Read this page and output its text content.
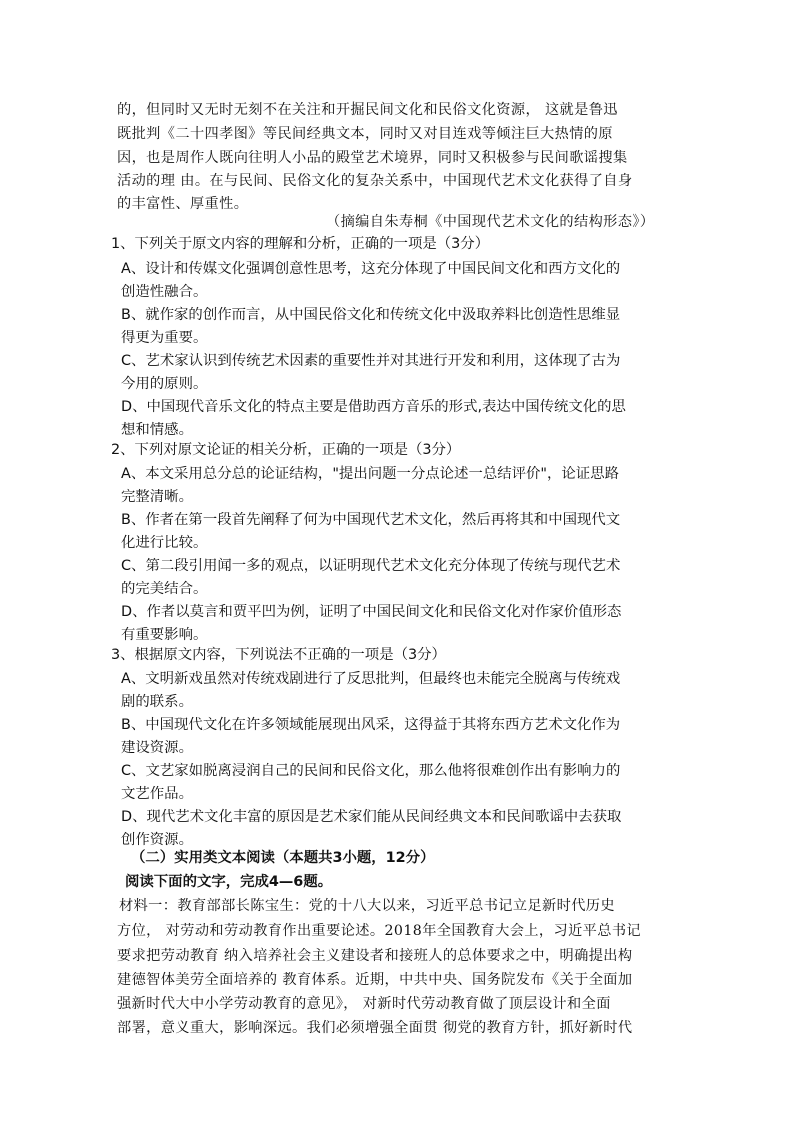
的，但同时又无时无刻不在关注和开掘民间文化和民俗文化资源， 这就是鲁迅
既批判《二十四孝图》等民间经典文本，同时又对目连戏等倾注巨大热情的原
因，也是周作人既向往明人小品的殿堂艺术境界，同时又积极参与民间歌谣搜集
活动的理 由。在与民间、民俗文化的复杂关系中，中国现代艺术文化获得了自身
的丰富性、厚重性。
（摘编自朱寿桐《中国现代艺术文化的结构形态》）
1、下列关于原文内容的理解和分析，正确的一项是（3分）
A、设计和传媒文化强调创意性思考，这充分体现了中国民间文化和西方文化的
创造性融合。
B、就作家的创作而言，从中国民俗文化和传统文化中汲取养料比创造性思维显
得更为重要。
C、艺术家认识到传统艺术因素的重要性并对其进行开发和利用，这体现了古为
今用的原则。
D、中国现代音乐文化的特点主要是借助西方音乐的形式,表达中国传统文化的思
想和情感。
2、下列对原文论证的相关分析，正确的一项是（3分）
A、本文采用总分总的论证结构，"提出问题一分点论述一总结评价"，论证思路
完整清晰。
B、作者在第一段首先阐释了何为中国现代艺术文化，然后再将其和中国现代文
化进行比较。
C、第二段引用闻一多的观点，以证明现代艺术文化充分体现了传统与现代艺术
的完美结合。
D、作者以莫言和贾平凹为例，证明了中国民间文化和民俗文化对作家价值形态
有重要影响。
3、根据原文内容，下列说法不正确的一项是（3分）
A、文明新戏虽然对传统戏剧进行了反思批判，但最终也未能完全脱离与传统戏
剧的联系。
B、中国现代文化在许多领域能展现出风采，这得益于其将东西方艺术文化作为
建设资源。
C、文艺家如脱离浸润自己的民间和民俗文化，那么他将很难创作出有影响力的
文艺作品。
D、现代艺术文化丰富的原因是艺术家们能从民间经典文本和民间歌谣中去获取
创作资源。
（二）实用类文本阅读（本题共3小题，12分）
阅读下面的文字，完成4—6题。
材料一：教育部部长陈宝生：党的十八大以来，习近平总书记立足新时代历史
方位， 对劳动和劳动教育作出重要论述。2018年全国教育大会上，习近平总书记
要求把劳动教育 纳入培养社会主义建设者和接班人的总体要求之中，明确提出构
建德智体美劳全面培养的 教育体系。近期，中共中央、国务院发布《关于全面加
强新时代大中小学劳动教育的意见》， 对新时代劳动教育做了顶层设计和全面
部署，意义重大，影响深远。我们必须增强全面贯 彻党的教育方针，抓好新时代
